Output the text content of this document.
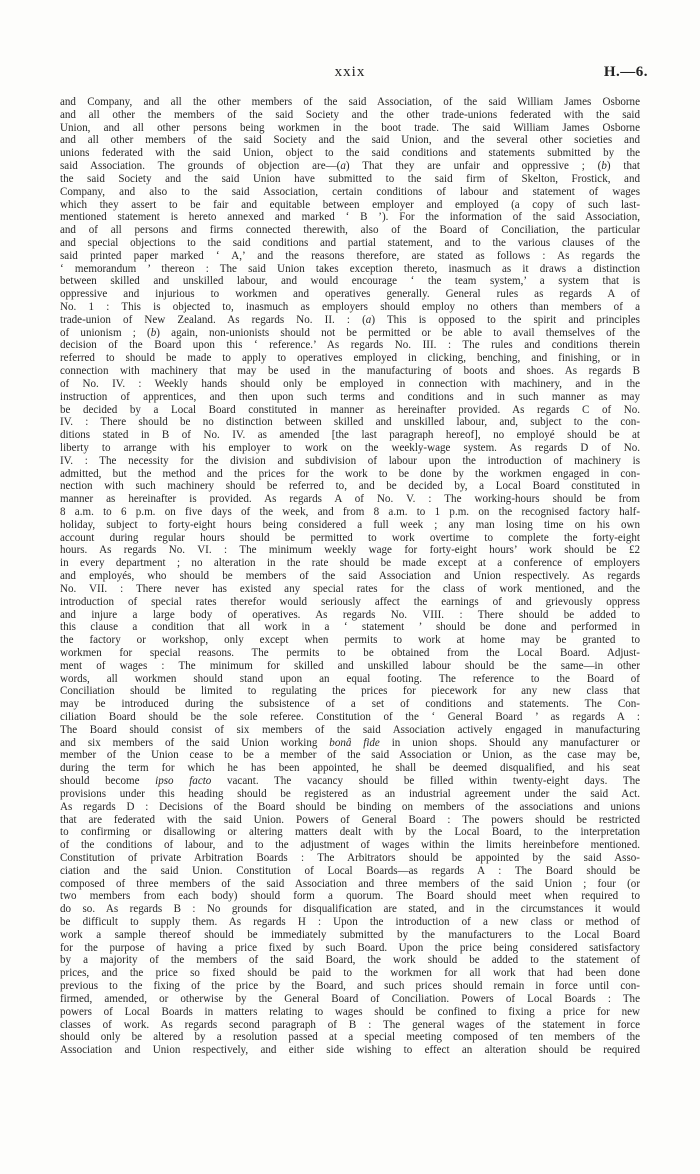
xxix	H.—6.
and Company, and all the other members of the said Association, of the said William James Osborne
and all other the members of the said Society and the other trade-unions federated with the said
Union, and all other persons being workmen in the boot trade. The said William James Osborne
and all other members of the said Society and the said Union, and the several other societies and
unions federated with the said Union, object to the said conditions and statements submitted by the
said Association. The grounds of objection are—(a) That they are unfair and oppressive ; (b) that
the said Society and the said Union have submitted to the said firm of Skelton, Frostick, and
Company, and also to the said Association, certain conditions of labour and statement of wages
which they assert to be fair and equitable between employer and employed (a copy of such last-
mentioned statement is hereto annexed and marked ‘ B ’). For the information of the said Association,
and of all persons and firms connected therewith, also of the Board of Conciliation, the particular
and special objections to the said conditions and partial statement, and to the various clauses of the
said printed paper marked ‘ A,’ and the reasons therefore, are stated as follows : As regards the
‘ memorandum ’ thereon : The said Union takes exception thereto, inasmuch as it draws a distinction
between skilled and unskilled labour, and would encourage ‘ the team system,’ a system that is
oppressive and injurious to workmen and operatives generally. General rules as regards A of
No. 1 : This is objected to, inasmuch as employers should employ no others than members of a
trade-union of New Zealand. As regards No. II. : (a) This is opposed to the spirit and principles
of unionism ; (b) again, non-unionists should not be permitted or be able to avail themselves of the
decision of the Board upon this ‘ reference.’ As regards No. III. : The rules and conditions therein
referred to should be made to apply to operatives employed in clicking, benching, and finishing, or in
connection with machinery that may be used in the manufacturing of boots and shoes. As regards B
of No. IV. : Weekly hands should only be employed in connection with machinery, and in the
instruction of apprentices, and then upon such terms and conditions and in such manner as may
be decided by a Local Board constituted in manner as hereinafter provided. As regards C of No.
IV. : There should be no distinction between skilled and unskilled labour, and, subject to the con-
ditions stated in B of No. IV. as amended [the last paragraph hereof], no employé should be at
liberty to arrange with his employer to work on the weekly-wage system. As regards D of No.
IV. : The necessity for the division and subdivision of labour upon the introduction of machinery is
admitted, but the method and the prices for the work to be done by the workmen engaged in con-
nection with such machinery should be referred to, and be decided by, a Local Board constituted in
manner as hereinafter is provided. As regards A of No. V. : The working-hours should be from
8 a.m. to 6 p.m. on five days of the week, and from 8 a.m. to 1 p.m. on the recognised factory half-
holiday, subject to forty-eight hours being considered a full week ; any man losing time on his own
account during regular hours should be permitted to work overtime to complete the forty-eight
hours. As regards No. VI. : The minimum weekly wage for forty-eight hours’ work should be £2
in every department ; no alteration in the rate should be made except at a conference of employers
and employés, who should be members of the said Association and Union respectively. As regards
No. VII. : There never has existed any special rates for the class of work mentioned, and the
introduction of special rates therefor would seriously affect the earnings of and grievously oppress
and injure a large body of operatives. As regards No. VIII. : There should be added to
this clause a condition that all work in a ‘ statement ’ should be done and performed in
the factory or workshop, only except when permits to work at home may be granted to
workmen for special reasons. The permits to be obtained from the Local Board. Adjust-
ment of wages : The minimum for skilled and unskilled labour should be the same—in other
words, all workmen should stand upon an equal footing. The reference to the Board of
Conciliation should be limited to regulating the prices for piecework for any new class that
may be introduced during the subsistence of a set of conditions and statements. The Con-
ciliation Board should be the sole referee. Constitution of the ‘ General Board ’ as regards A :
The Board should consist of six members of the said Association actively engaged in manufacturing
and six members of the said Union working bonâ fide in union shops. Should any manufacturer or
member of the Union cease to be a member of the said Association or Union, as the case may be,
during the term for which he has been appointed, he shall be deemed disqualified, and his seat
should become ipso facto vacant. The vacancy should be filled within twenty-eight days. The
provisions under this heading should be registered as an industrial agreement under the said Act.
As regards D : Decisions of the Board should be binding on members of the associations and unions
that are federated with the said Union. Powers of General Board : The powers should be restricted
to confirming or disallowing or altering matters dealt with by the Local Board, to the interpretation
of the conditions of labour, and to the adjustment of wages within the limits hereinbefore mentioned.
Constitution of private Arbitration Boards : The Arbitrators should be appointed by the said Asso-
ciation and the said Union. Constitution of Local Boards—as regards A : The Board should be
composed of three members of the said Association and three members of the said Union ; four (or
two members from each body) should form a quorum. The Board should meet when required to
do so. As regards B : No grounds for disqualification are stated, and in the circumstances it would
be difficult to supply them. As regards H : Upon the introduction of a new class or method of
work a sample thereof should be immediately submitted by the manufacturers to the Local Board
for the purpose of having a price fixed by such Board. Upon the price being considered satisfactory
by a majority of the members of the said Board, the work should be added to the statement of
prices, and the price so fixed should be paid to the workmen for all work that had been done
previous to the fixing of the price by the Board, and such prices should remain in force until con-
firmed, amended, or otherwise by the General Board of Conciliation. Powers of Local Boards : The
powers of Local Boards in matters relating to wages should be confined to fixing a price for new
classes of work. As regards second paragraph of B : The general wages of the statement in force
should only be altered by a resolution passed at a special meeting composed of ten members of the
Association and Union respectively, and either side wishing to effect an alteration should be required
